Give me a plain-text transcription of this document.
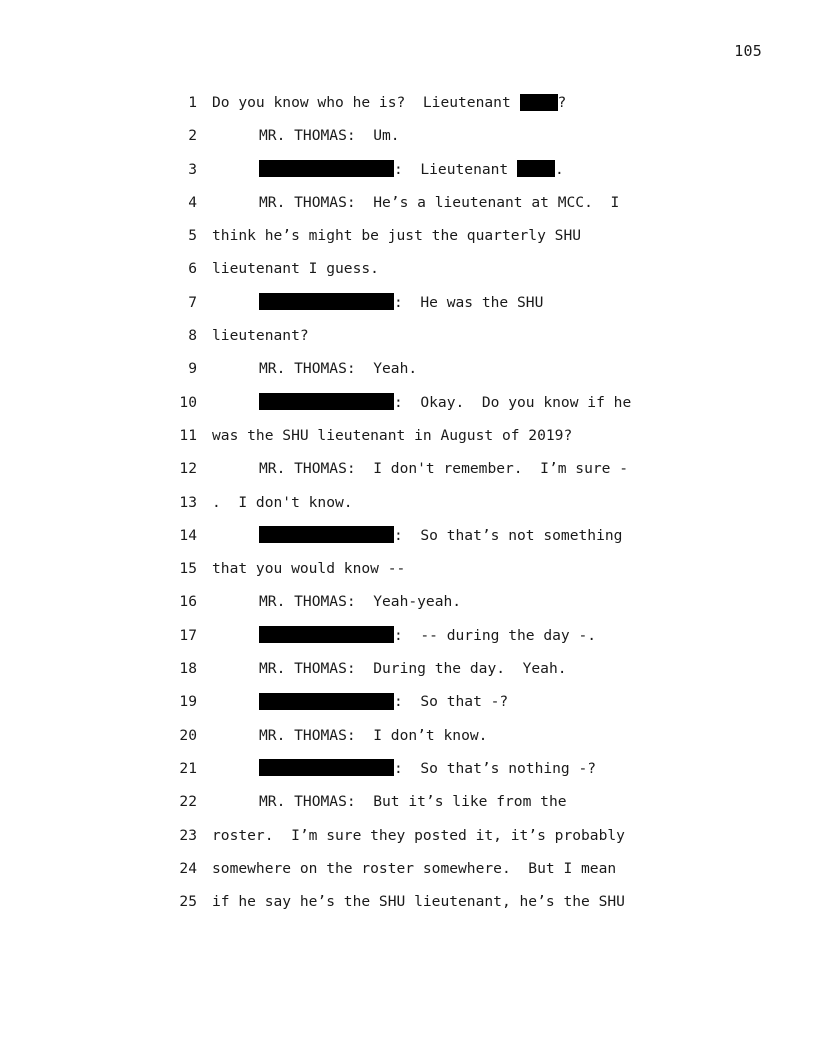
105
1 Do you know who he is?  Lieutenant	?
2	MR. THOMAS:  Um.
3	:  Lieutenant	.
4	MR. THOMAS:  He’s a lieutenant at MCC.  I
5 think he’s might be just the quarterly SHU
6 lieutenant I guess.
7	:  He was the SHU
8 lieutenant?
9	MR. THOMAS:  Yeah.
10	:  Okay.  Do you know if he
11 was the SHU lieutenant in August of 2019?
12	MR. THOMAS:  I don't remember.  I’m sure -
13 .  I don't know.
14	:  So that’s not something
15 that you would know --
16	MR. THOMAS:  Yeah-yeah.
17	:  -- during the day -.
18	MR. THOMAS:  During the day.  Yeah.
19	:  So that -?
20	MR. THOMAS:  I don’t know.
21	:  So that’s nothing -?
22	MR. THOMAS:  But it’s like from the
23 roster.  I’m sure they posted it, it’s probably
24 somewhere on the roster somewhere.  But I mean
25 if he say he’s the SHU lieutenant, he’s the SHU
